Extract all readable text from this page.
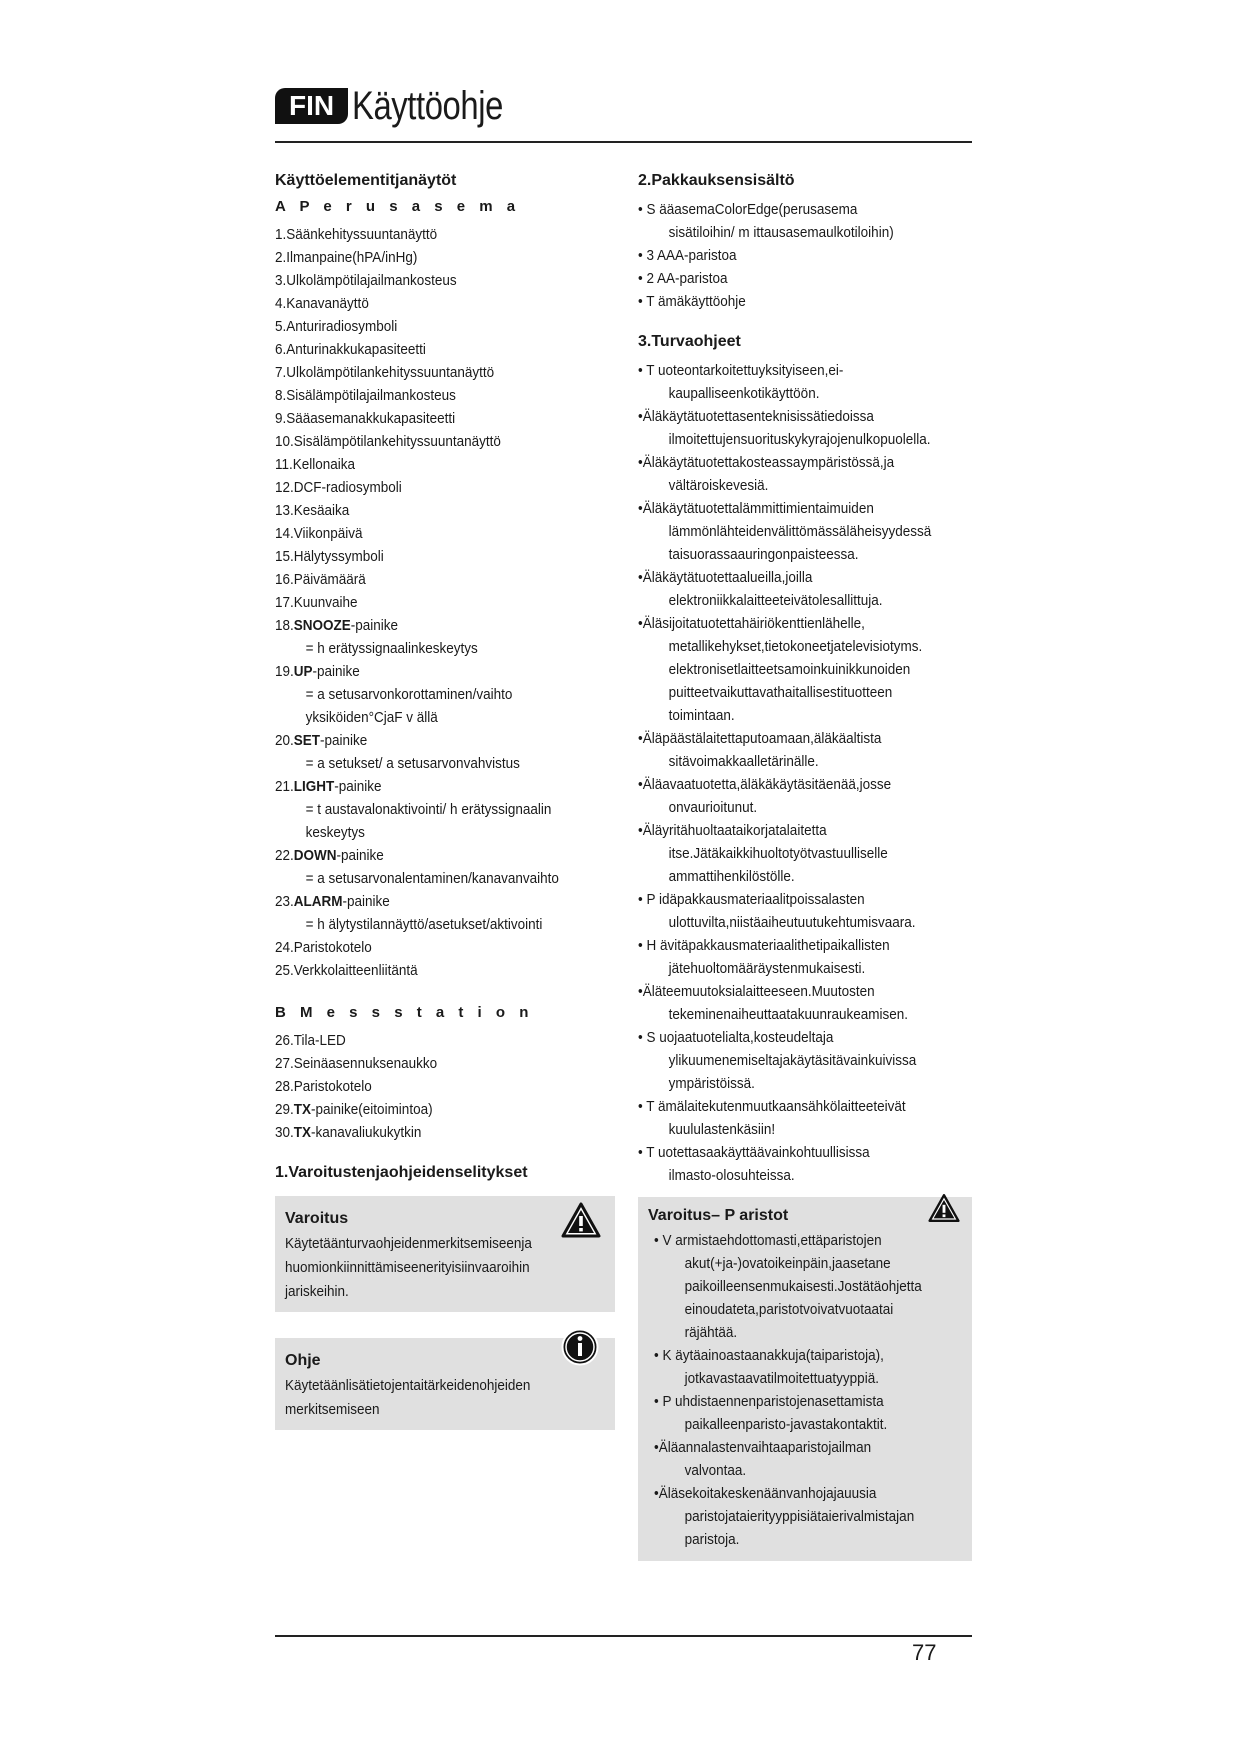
FIN Käyttöohje
Käyttöelementitjanäytöt
A P e r u s a s e m a
1.Säänkehityssuuntanäyttö
2.Ilmanpaine(hPA/inHg)
3.Ulkolämpötilajailmankosteus
4.Kanavanäyttö
5.Anturiradiosymboli
6.Anturinakkukapasiteetti
7.Ulkolämpötilankehityssuuntanäyttö
8.Sisälämpötilajailmankosteus
9.Sääasemanakkukapasiteetti
10.Sisälämpötilankehityssuuntanäyttö
11.Kellonaika
12.DCF-radiosymboli
13.Kesäaika
14.Viikonpäivä
15.Hälytyssymboli
16.Päivämäärä
17.Kuunvaihe
18.SNOOZE-painike
= h erätyssignaalinkeskeytys
19.UP-painike
= a setusarvonkorottaminen/vaihto
yksiköiden°CjaF v ällä
20.SET-painike
= a setukset/ a setusarvonvahvistus
21.LIGHT-painike
= t austavalonaktivointi/ h erätyssignaalin
keskeytys
22.DOWN-painike
= a setusarvonalentaminen/kanavanvaihto
23.ALARM-painike
= h älytystilannäyttö/asetukset/aktivointi
24.Paristokotelo
25.Verkkolaitteenliitäntä
B M e s s s t a t i o n
26.Tila-LED
27.Seinäasennuksenaukko
28.Paristokotelo
29.TX-painike(eitoimintoa)
30.TX-kanavaliukukytkin
1.Varoitustenjaohjeidenselitykset
Varoitus
Käytetäänturvaohjeidenmerkitsemiseenja
huomionkiinnittämiseenerityisiinvaaroihin
jariskeihin.
Ohje
Käytetäänlisätietojentaitärkeidenohjeiden
merkitsemiseen
2.Pakkauksensisältö
• S ääasemaColorEdge(perusasema
sisätiloihin/ m ittausasemaulkotiloihin)
• 3 AAA-paristoa
• 2 AA-paristoa
• T ämäkäyttöohje
3.Turvaohjeet
• T uoteontarkoitettuyksityiseen,ei-
kaupalliseenkotikäyttöön.
•Äläkäytätuotettasenteknisissätiedoissa
ilmoitettujensuorituskykyrajojenulkopuolella.
•Äläkäytätuotettakosteassaympäristössä,ja
vältäroiskevesiä.
•Äläkäytätuotettalämmittimientaimuiden
lämmönlähteidenvälittömässäläheisyydessä
taisuorassaauringonpaisteessa.
•Äläkäytätuotettaalueilla,joilla
elektroniikkalaitteeteivätolesallittuja.
•Äläsijoitatuotettahäiriökenttienlähelle,
metallikehykset,tietokoneetjatelevisiotyms.
elektronisetlaitteetsamoinkuinikkunoiden
puitteetvaikuttavathaitallisestituotteen
toimintaan.
•Äläpäästälaitettaputoamaan,äläkäaltista
sitävoimakkaalletärinälle.
•Äläavaatuotetta,äläkäkäytäsitäenää,josse
onvaurioitunut.
•Äläyritähuoltaataikorjatalaitetta
itse.Jätäkaikkihuoltotyötvastuulliselle
ammattihenkilöstölle.
• P idäpakkausmateriaalitpoissalasten
ulottuvilta,niistäaiheutuutukehtumisvaara.
• H ävitäpakkausmateriaalithetipaikallisten
jätehuoltomääräystenmukaisesti.
•Äläteemuutoksialaitteeseen.Muutosten
tekeminenaiheuttaatakuunraukeamisen.
• S uojaatuotelialta,kosteudeltaja
ylikuumenemiseltajakäytäsitävainkuivissa
ympäristöissä.
• T ämälaitekutenmuutkaansähkölaitteeteivät
kuululastenkäsiin!
• T uotettasaakäyttäävainkohtuullisissa
ilmasto-olosuhteissa.
Varoitus– P aristot
• V armistaehdottomasti,ettäparistojen
akut(+ja-)ovatoikeinpäin,jaasetane
paikoilleensenmukaisesti.Jostätäohjetta
einoudateta,paristotvoivatvuotaatai
räjähtää.
• K äytäainoastaanakkuja(taiparistoja),
jotkavastaavatilmoitettuatyyppiä.
• P uhdistaennenparistojenasettamista
paikalleenparisto-javastakontaktit.
•Äläannalastenvaihtaaparistojailman
valvontaa.
•Äläsekoitakeskenäänvanhojajauusia
paristojataierityyppisiätaierivalmistajan
paristoja.
77
